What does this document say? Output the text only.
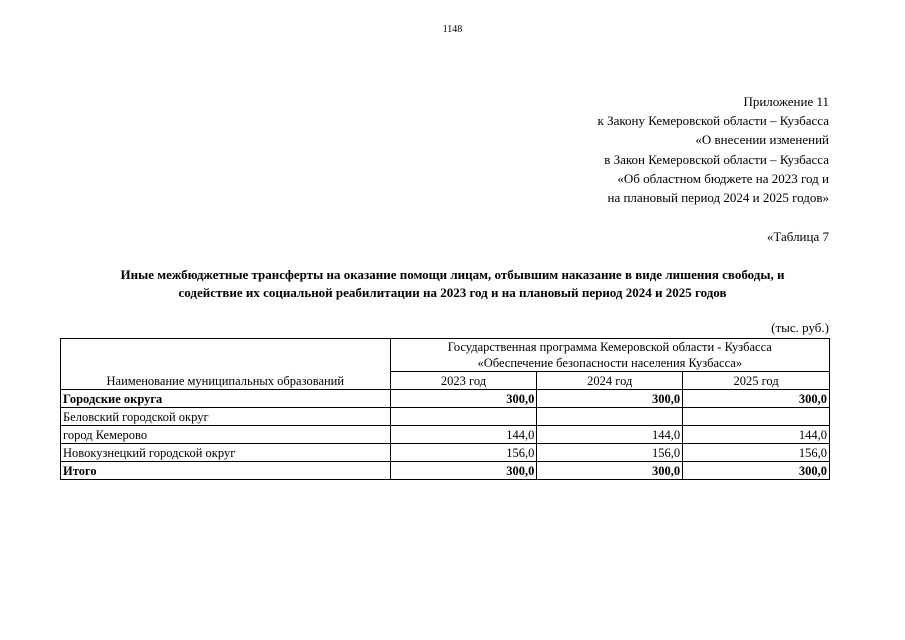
1148
Приложение 11
к Закону Кемеровской области – Кузбасса
«О внесении изменений
в Закон Кемеровской области – Кузбасса
«Об областном бюджете на 2023 год и
на плановый период 2024 и 2025 годов»
«Таблица 7
Иные межбюджетные трансферты на оказание помощи лицам, отбывшим наказание в виде лишения свободы, и
содействие их социальной реабилитации на 2023 год и на плановый период 2024 и 2025 годов
(тыс. руб.)
Наименование муниципальных образований	Государственная программа Кемеровской области - Кузбасса
«Обеспечение безопасности населения Кузбасса»		

	2023 год	2024 год	2025 год
Городские округа	300,0	300,0	300,0
Беловский городской округ			
город Кемерово	144,0	144,0	144,0
Новокузнецкий городской округ	156,0	156,0	156,0
Итого	300,0	300,0	300,0
